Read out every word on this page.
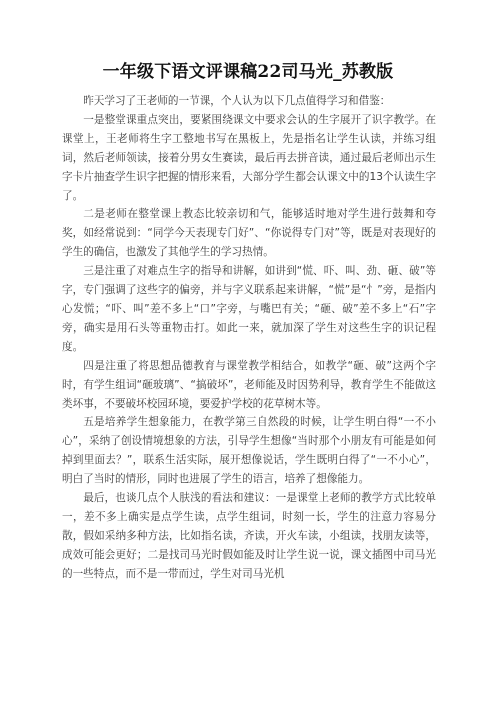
一年级下语文评课稿22司马光_苏教版

昨天学习了王老师的一节课，个人认为以下几点值得学习和借鉴：

一是整堂课重点突出，要紧围绕课文中要求会认的生字展开了识字教学。在课堂上，王老师将生字工整地书写在黑板上，先是指名让学生认读，并练习组词，然后老师领读，接着分男女生赛读，最后再去拼音读，通过最后老师出示生字卡片抽查学生识字把握的情形来看，大部分学生都会认课文中的13个认读生字了。

二是老师在整堂课上教态比较亲切和气，能够适时地对学生进行鼓舞和夸奖，如经常说到：“同学今天表现专门好”、“你说得专门对”等，既是对表现好的学生的确信，也激发了其他学生的学习热情。

三是注重了对难点生字的指导和讲解，如讲到“慌、吓、叫、劲、砸、破”等字，专门强调了这些字的偏旁，并与字义联系起来讲解，“慌”是“忄”旁，是指内心发慌；“吓、叫”差不多上“口”字旁，与嘴巴有关；“砸、破”差不多上“石”字旁，确实是用石头等重物击打。如此一来，就加深了学生对这些生字的识记程度。

四是注重了将思想品德教育与课堂教学相结合，如教学“砸、破”这两个字时，有学生组词“砸玻璃”、“搞破坏”，老师能及时因势利导，教育学生不能做这类坏事，不要破坏校园环境，要爱护学校的花草树木等。

五是培养学生想象能力，在教学第三自然段的时候，让学生明白得“一不小心”，采纳了创设情境想象的方法，引导学生想像“当时那个小朋友有可能是如何掉到里面去？”，联系生活实际，展开想像说话，学生既明白得了“一不小心”，明白了当时的情形，同时也进展了学生的语言，培养了想像能力。

最后，也谈几点个人肤浅的看法和建议：一是课堂上老师的教学方式比较单一，差不多上确实是点学生读，点学生组词，时刻一长，学生的注意力容易分散，假如采纳多种方法，比如指名读，齐读，开火车读，小组读，找朋友读等，成效可能会更好；二是找司马光时假如能及时让学生说一说，课文插图中司马光的一些特点，而不是一带而过，学生对司马光机
